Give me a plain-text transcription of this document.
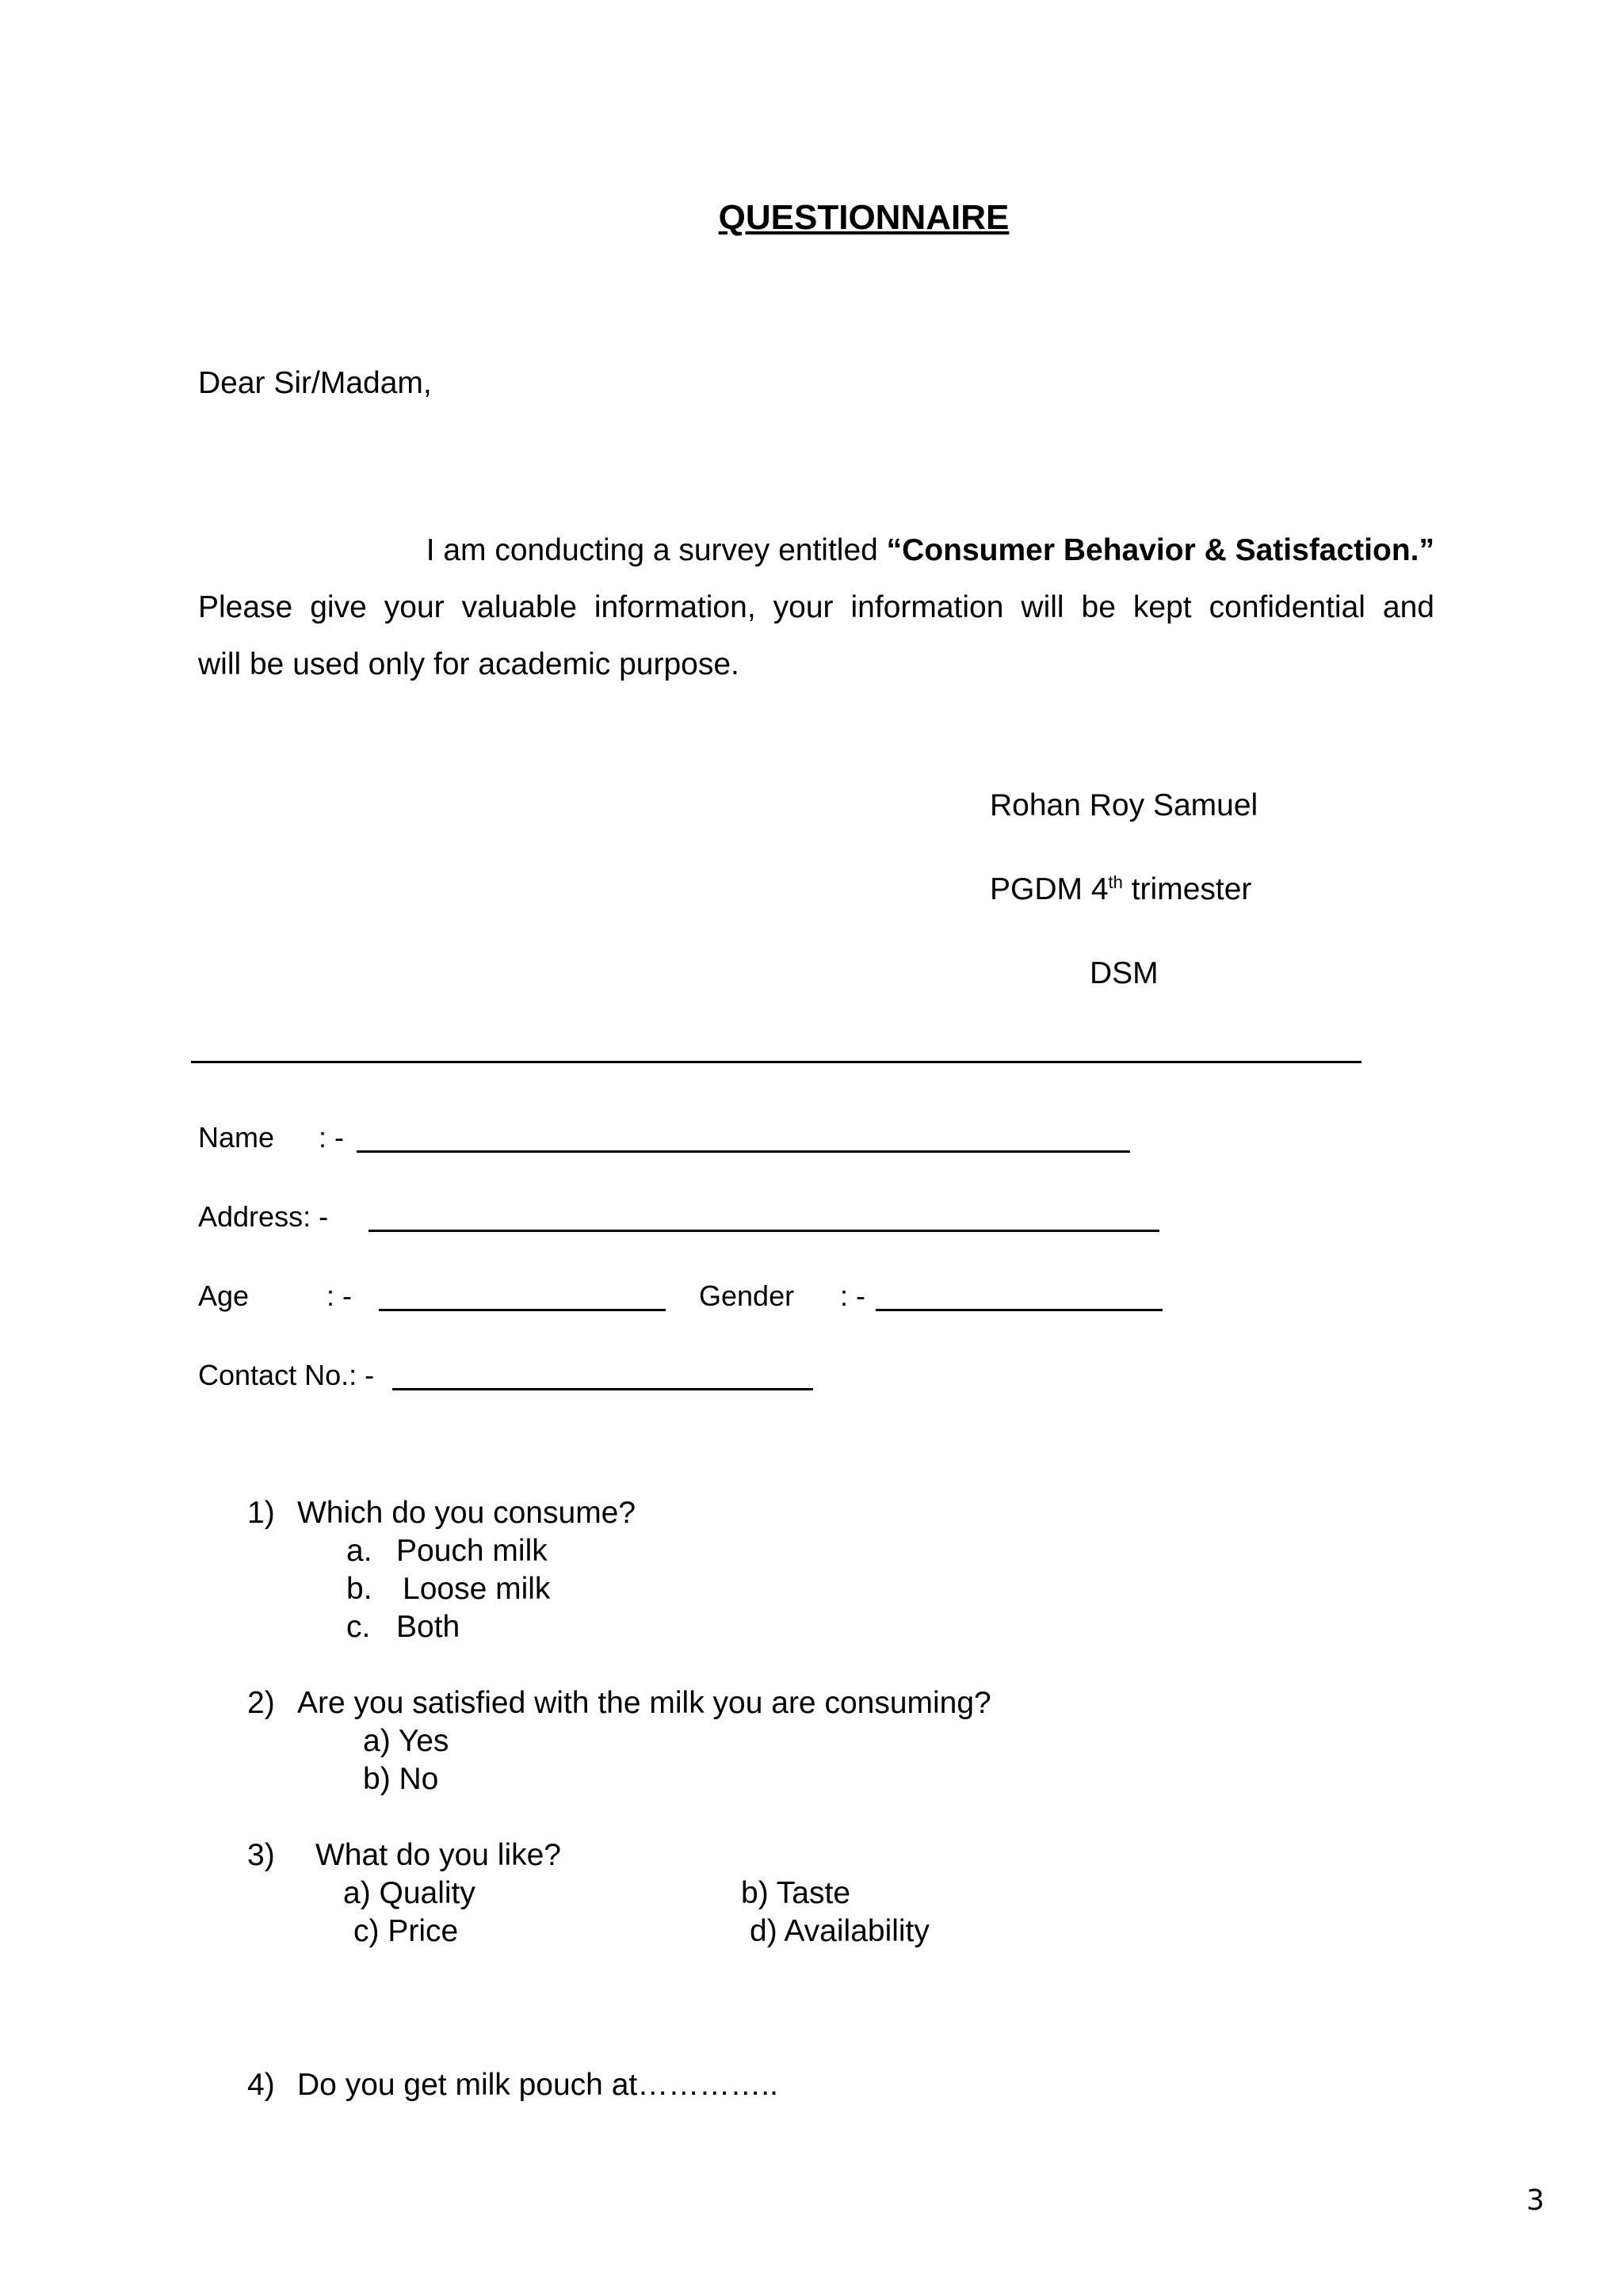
QUESTIONNAIRE
Dear Sir/Madam,
I am conducting a survey entitled “Consumer Behavior & Satisfaction.”
Please give your valuable information, your information will be kept confidential and
will be used only for academic purpose.
Rohan Roy Samuel
PGDM 4th trimester
DSM
Name : -
Address: -
Age	: -	Gender : -
Contact No.: -
1) Which do you consume?
a. Pouch milk
b. Loose milk
c. Both
2) Are you satisfied with the milk you are consuming?
a) Yes
b) No
3) What do you like?
a) Quality	b) Taste
c) Price	d) Availability
4) Do you get milk pouch at…………..
3
